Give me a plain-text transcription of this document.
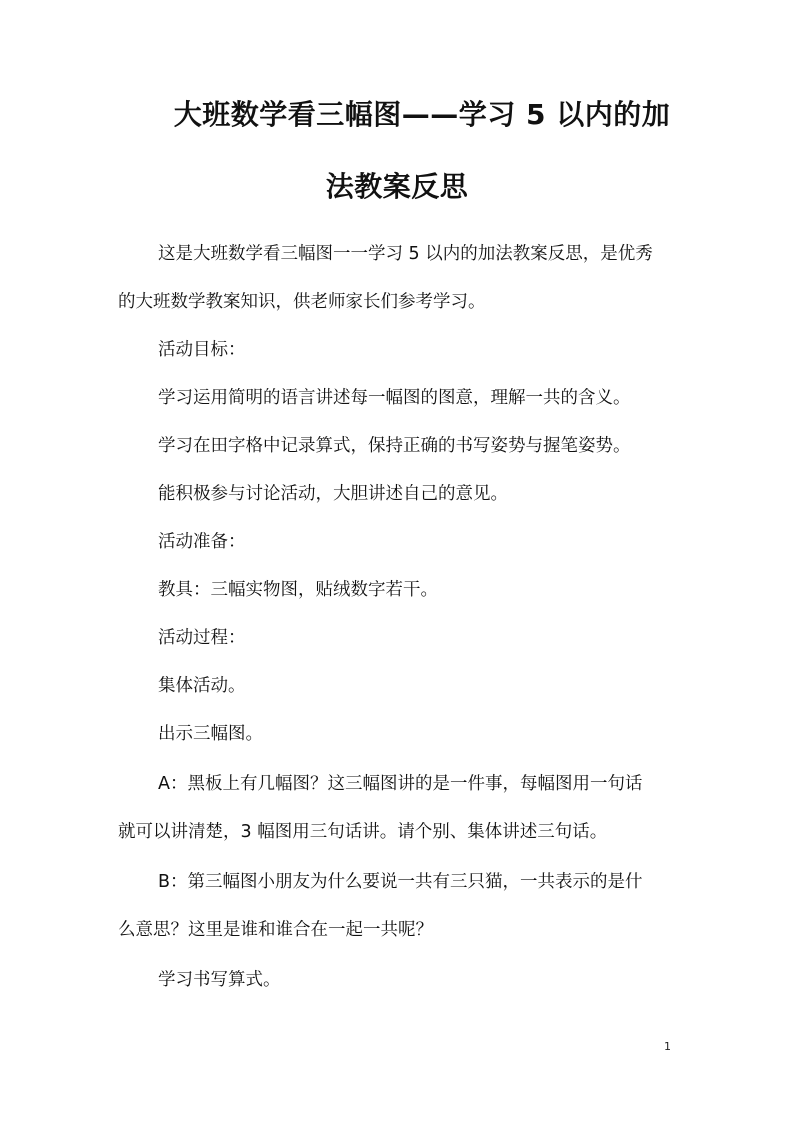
大班数学看三幅图——学习 5 以内的加
法教案反思
这是大班数学看三幅图一一学习 5 以内的加法教案反思，是优秀
的大班数学教案知识，供老师家长们参考学习。
活动目标：
学习运用简明的语言讲述每一幅图的图意，理解一共的含义。
学习在田字格中记录算式，保持正确的书写姿势与握笔姿势。
能积极参与讨论活动，大胆讲述自己的意见。
活动准备：
教具：三幅实物图，贴绒数字若干。
活动过程：
集体活动。
出示三幅图。
A：黑板上有几幅图？这三幅图讲的是一件事，每幅图用一句话
就可以讲清楚，3 幅图用三句话讲。请个别、集体讲述三句话。
B：第三幅图小朋友为什么要说一共有三只猫，一共表示的是什
么意思？这里是谁和谁合在一起一共呢？
学习书写算式。
1
